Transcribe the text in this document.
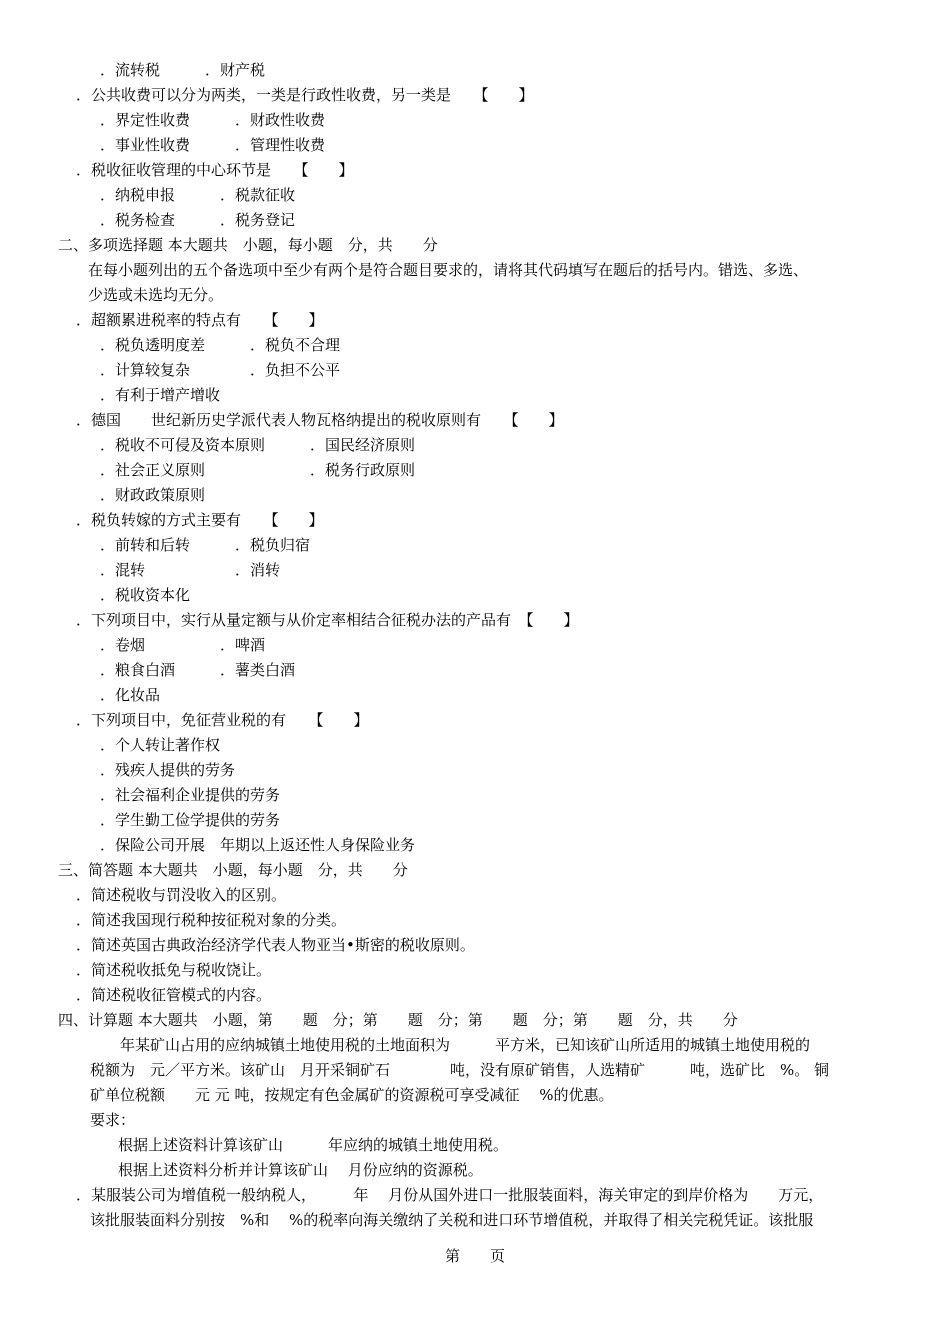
．流转税　　　．财产税
．公共收费可以分为两类，一类是行政性收费，另一类是　　【　　】
．界定性收费　　　．财政性收费
．事业性收费　　　．管理性收费
．税收征收管理的中心环节是　　【　　】
．纳税申报　　　．税款征收
．税务检查　　　．税务登记
二、多项选择题 本大题共　小题，每小题　分，共　　分
在每小题列出的五个备选项中至少有两个是符合题目要求的，请将其代码填写在题后的括号内。错选、多选、
少选或未选均无分。
．超额累进税率的特点有　　【　　】
．税负透明度差　　　．税负不合理
．计算较复杂　　　　．负担不公平
．有利于增产增收
．德国　　世纪新历史学派代表人物瓦格纳提出的税收原则有　　【　　】
．税收不可侵及资本原则　　　．国民经济原则
．社会正义原则　　　　　　　．税务行政原则
．财政政策原则
．税负转嫁的方式主要有　　【　　】
．前转和后转　　　．税负归宿
．混转　　　　　　．消转
．税收资本化
．下列项目中，实行从量定额与从价定率相结合征税办法的产品有　【　　】
．卷烟　　　　　．啤酒
．粮食白酒　　　．薯类白酒
．化妆品
．下列项目中，免征营业税的有　　【　　】
．个人转让著作权
．残疾人提供的劳务
．社会福利企业提供的劳务
．学生勤工俭学提供的劳务
．保险公司开展　年期以上返还性人身保险业务
三、简答题 本大题共　小题，每小题　分，共　　分
．简述税收与罚没收入的区别。
．简述我国现行税种按征税对象的分类。
．简述英国古典政治经济学代表人物亚当•斯密的税收原则。
．简述税收抵免与税收饶让。
．简述税收征管模式的内容。
四、计算题 本大题共　小题，第　　题　分；第　　题　分；第　　题　分；第　　题　分，共　　分
　　年某矿山占用的应纳城镇土地使用税的土地面积为　　　平方米，已知该矿山所适用的城镇土地使用税的
税额为　元／平方米。该矿山　月开采铜矿石　　　　吨，没有原矿销售，人选精矿　　　吨，选矿比　%。 铜
矿单位税额　　元 元 吨，按规定有色金属矿的资源税可享受减征　 %的优惠。
要求：
根据上述资料计算该矿山　　　年应纳的城镇土地使用税。
根据上述资料分析并计算该矿山　 月份应纳的资源税。
．某服装公司为增值税一般纳税人，　　　年　 月份从国外进口一批服装面料，海关审定的到岸价格为　　万元，
该批服装面料分别按　%和　 %的税率向海关缴纳了关税和进口环节增值税，并取得了相关完税凭证。该批服
第　　页
